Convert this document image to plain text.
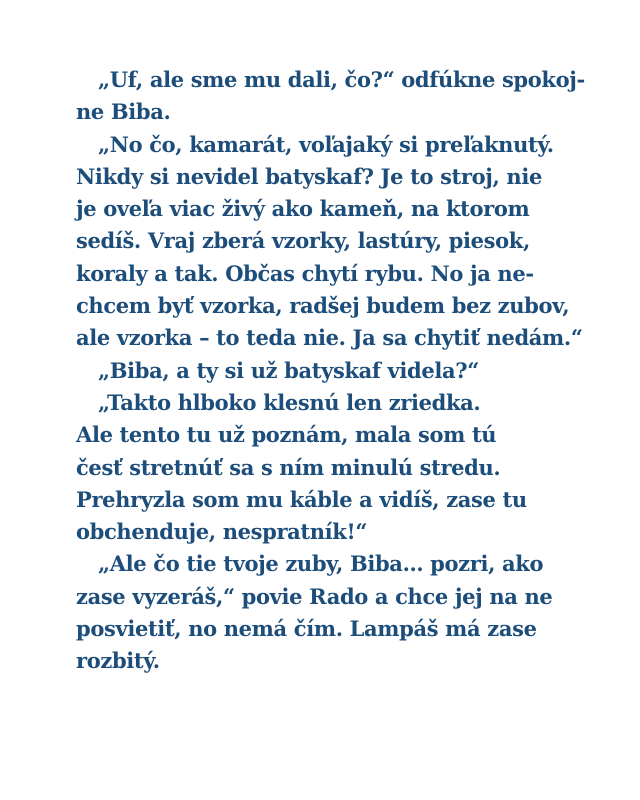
„Uf, ale sme mu dali, čo?“ odfúkne spokoj-
ne Biba.
„No čo, kamarát, voľajaký si preľaknutý.
Nikdy si nevidel batyskaf? Je to stroj, nie
je oveľa viac živý ako kameň, na ktorom
sedíš. Vraj zberá vzorky, lastúry, piesok,
koraly a tak. Občas chytí rybu. No ja ne-
chcem byť vzorka, radšej budem bez zubov,
ale vzorka – to teda nie. Ja sa chytiť nedám.“
„Biba, a ty si už batyskaf videla?“
„Takto hlboko klesnú len zriedka.
Ale tento tu už poznám, mala som tú
česť stretnúť sa s ním minulú stredu.
Prehryzla som mu káble a vidíš, zase tu
obchenduje, nespratník!“
„Ale čo tie tvoje zuby, Biba… pozri, ako
zase vyzeráš,“ povie Rado a chce jej na ne
posvietiť, no nemá čím. Lampáš má zase
rozbitý.
